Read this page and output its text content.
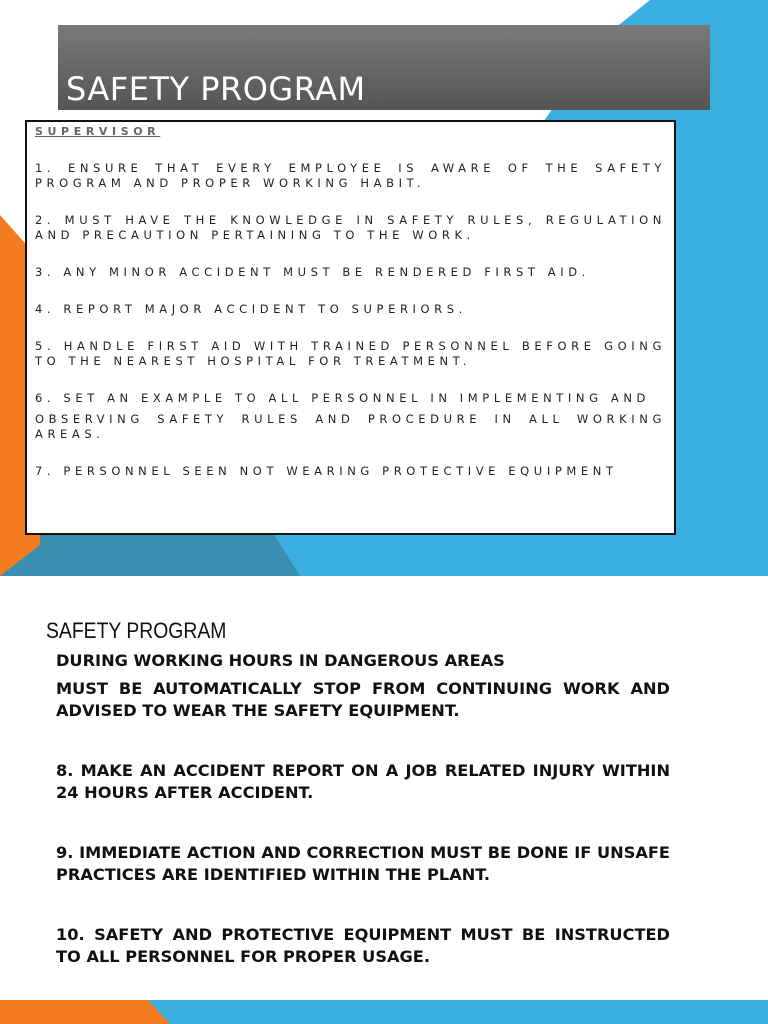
SAFETY PROGRAM

SUPERVISOR

1. ENSURE THAT EVERY EMPLOYEE IS AWARE OF THE SAFETY PROGRAM AND PROPER WORKING HABIT.

2. MUST HAVE THE KNOWLEDGE IN SAFETY RULES, REGULATION AND PRECAUTION PERTAINING TO THE WORK.

3. ANY MINOR ACCIDENT MUST BE RENDERED FIRST AID.

4. REPORT MAJOR ACCIDENT TO SUPERIORS.

5. HANDLE FIRST AID WITH TRAINED PERSONNEL BEFORE GOING TO THE NEAREST HOSPITAL FOR TREATMENT.

6. SET AN EXAMPLE TO ALL PERSONNEL IN IMPLEMENTING AND

OBSERVING SAFETY RULES AND PROCEDURE IN ALL WORKING AREAS.

7. PERSONNEL SEEN NOT WEARING PROTECTIVE EQUIPMENT

SAFETY PROGRAM

DURING WORKING HOURS IN DANGEROUS AREAS

MUST BE AUTOMATICALLY STOP FROM CONTINUING WORK AND ADVISED TO WEAR THE SAFETY EQUIPMENT.

8. MAKE AN ACCIDENT REPORT ON A JOB RELATED INJURY WITHIN 24 HOURS AFTER ACCIDENT.

9. IMMEDIATE ACTION AND CORRECTION MUST BE DONE IF UNSAFE PRACTICES ARE IDENTIFIED WITHIN THE PLANT.

10. SAFETY AND PROTECTIVE EQUIPMENT MUST BE INSTRUCTED TO ALL PERSONNEL FOR PROPER USAGE.
